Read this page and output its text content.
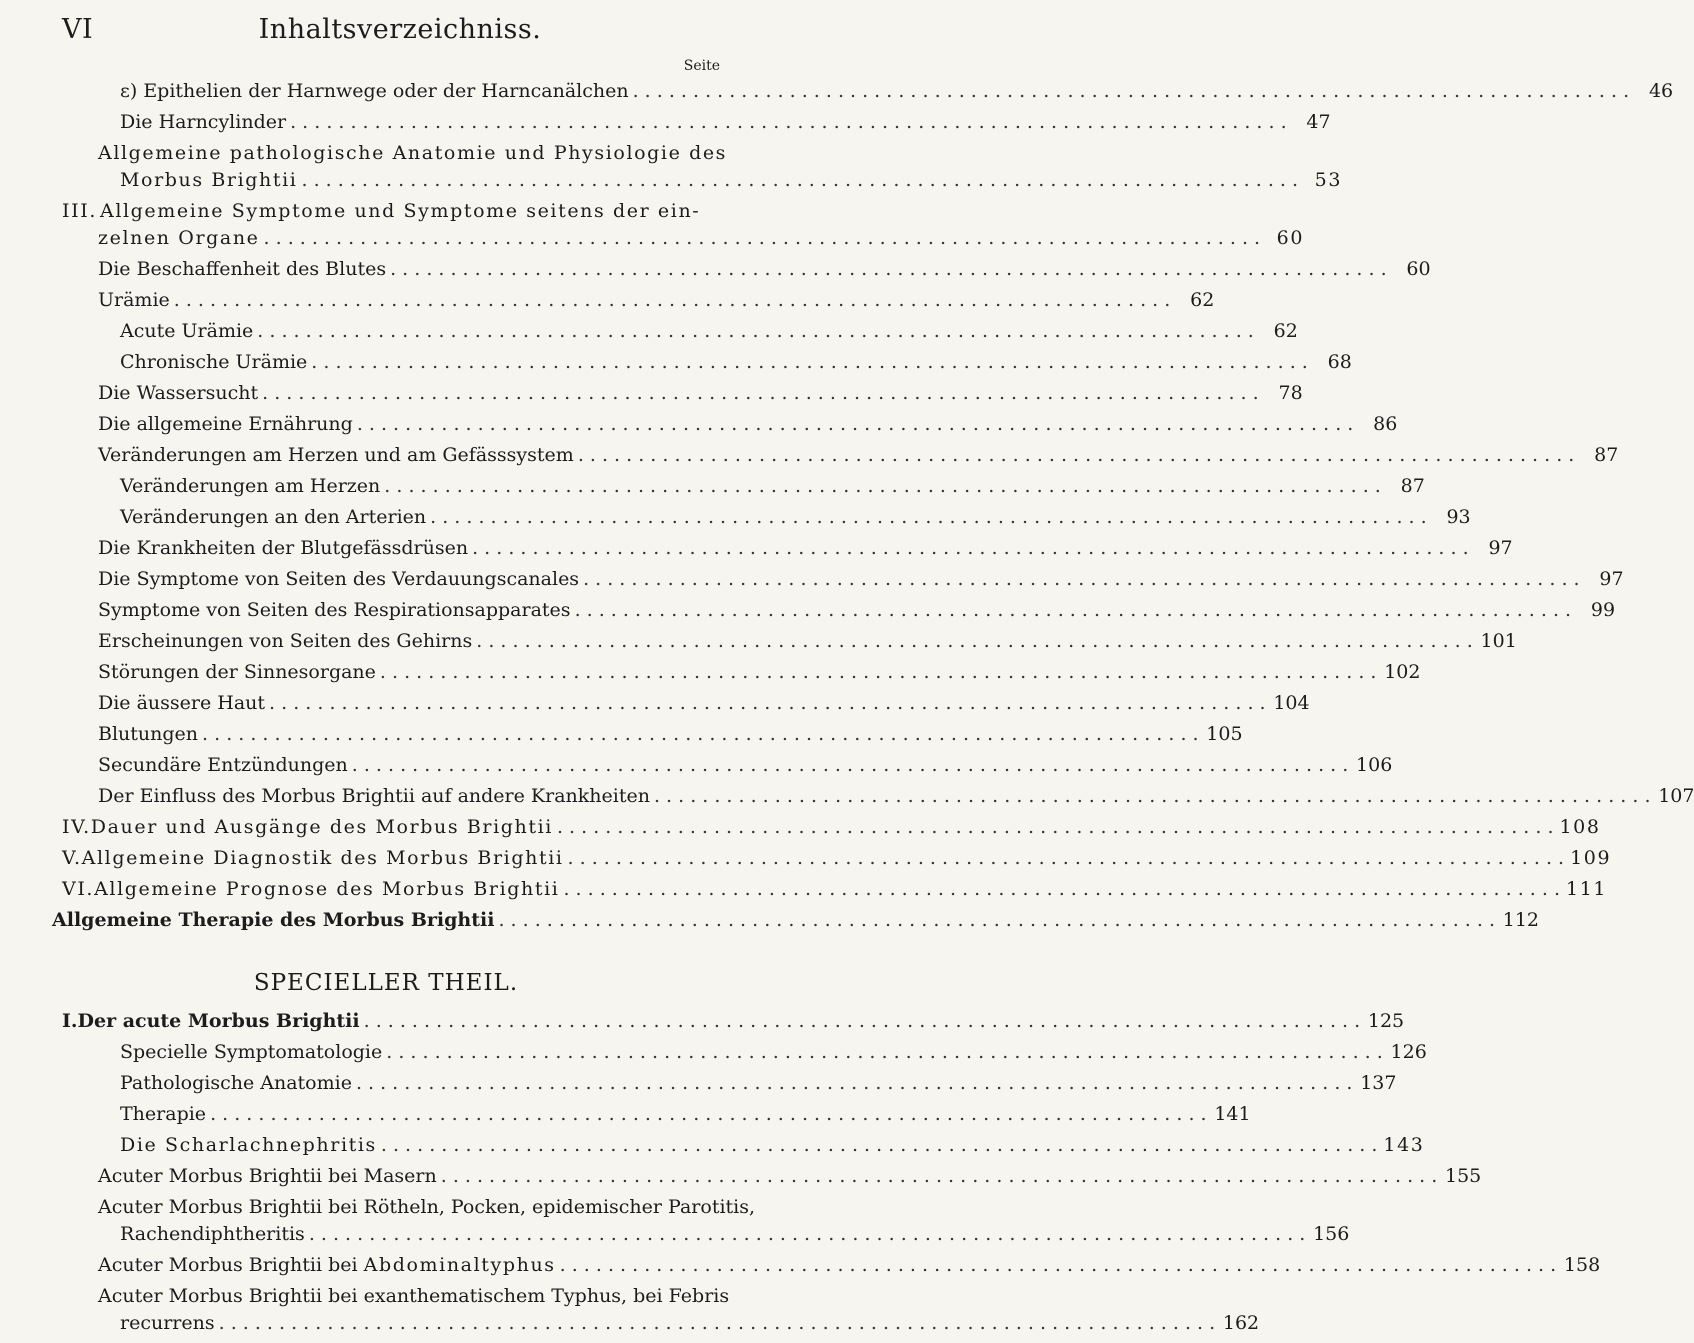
VI	Inhaltsverzeichniss.
Seite
ε) Epithelien der Harnwege oder der Harncanälchen . . .	46
Die Harncylinder . . .	47
Allgemeine pathologische Anatomie und Physiologie des
Morbus Brightii . . .	53
III. Allgemeine Symptome und Symptome seitens der ein-
zelnen Organe . . .	60
Die Beschaffenheit des Blutes . . .	60
Urämie . . .	62
Acute Urämie . . .	62
Chronische Urämie . . .	68
Die Wassersucht . . .	78
Die allgemeine Ernährung . . .	86
Veränderungen am Herzen und am Gefässsystem . . .	87
Veränderungen am Herzen . . .	87
Veränderungen an den Arterien . . .	93
Die Krankheiten der Blutgefässdrüsen . . .	97
Die Symptome von Seiten des Verdauungscanales . . .	97
Symptome von Seiten des Respirationsapparates . . .	99
Erscheinungen von Seiten des Gehirns . . .	101
Störungen der Sinnesorgane . . .	102
Die äussere Haut . . .	104
Blutungen . . .	105
Secundäre Entzündungen . . .	106
Der Einfluss des Morbus Brightii auf andere Krankheiten . . .	107
IV. Dauer und Ausgänge des Morbus Brightii . . .	108
V. Allgemeine Diagnostik des Morbus Brightii . . .	109
VI. Allgemeine Prognose des Morbus Brightii . . .	111
Allgemeine Therapie des Morbus Brightii . . .	112
SPECIELLER THEIL.
I. Der acute Morbus Brightii . . .	125
Specielle Symptomatologie . . .	126
Pathologische Anatomie . . .	137
Therapie . . .	141
Die Scharlachnephritis . . .	143
Acuter Morbus Brightii bei Masern . . .	155
Acuter Morbus Brightii bei Rötheln, Pocken, epidemischer Parotitis,
Rachendiphtheritis . . .	156
Acuter Morbus Brightii bei Abdominaltyphus . . .	158
Acuter Morbus Brightii bei exanthematischem Typhus, bei Febris
recurrens . . .	162
